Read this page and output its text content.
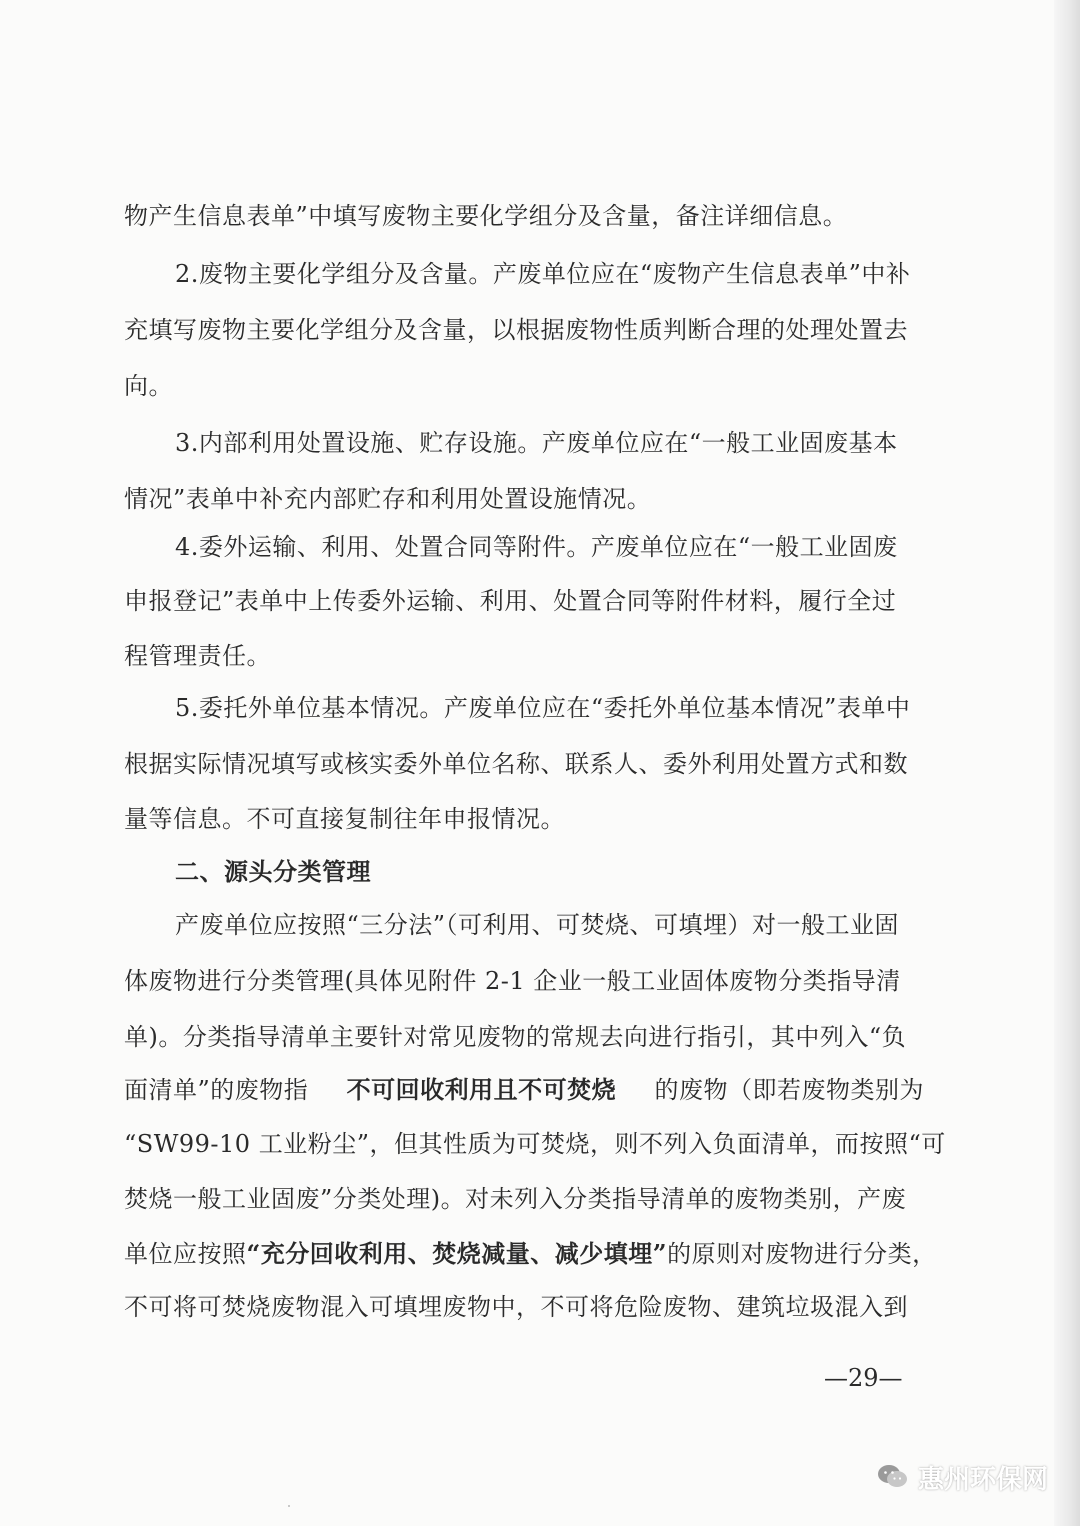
物产生信息表单”中填写废物主要化学组分及含量，备注详细信息。
2.废物主要化学组分及含量。产废单位应在“废物产生信息表单”中补
充填写废物主要化学组分及含量，以根据废物性质判断合理的处理处置去
向。
3.内部利用处置设施、贮存设施。产废单位应在“一般工业固废基本
情况”表单中补充内部贮存和利用处置设施情况。
4.委外运输、利用、处置合同等附件。产废单位应在“一般工业固废
申报登记”表单中上传委外运输、利用、处置合同等附件材料，履行全过
程管理责任。
5.委托外单位基本情况。产废单位应在“委托外单位基本情况”表单中
根据实际情况填写或核实委外单位名称、联系人、委外利用处置方式和数
量等信息。不可直接复制往年申报情况。
二、源头分类管理
产废单位应按照“三分法”（可利用、可焚烧、可填埋）对一般工业固
体废物进行分类管理(具体见附件 2-1 企业一般工业固体废物分类指导清
单)。分类指导清单主要针对常见废物的常规去向进行指引，其中列入“负
面清单”的废物指 不可回收利用且不可焚烧 的废物（即若废物类别为
“SW99-10 工业粉尘”，但其性质为可焚烧，则不列入负面清单，而按照“可
焚烧一般工业固废”分类处理)。对未列入分类指导清单的废物类别，产废
单位应按照 “充分回收利用、焚烧减量、减少填埋” 的原则对废物进行分类，
不可将可焚烧废物混入可填埋废物中，不可将危险废物、建筑垃圾混入到
—29—
惠州环保网
